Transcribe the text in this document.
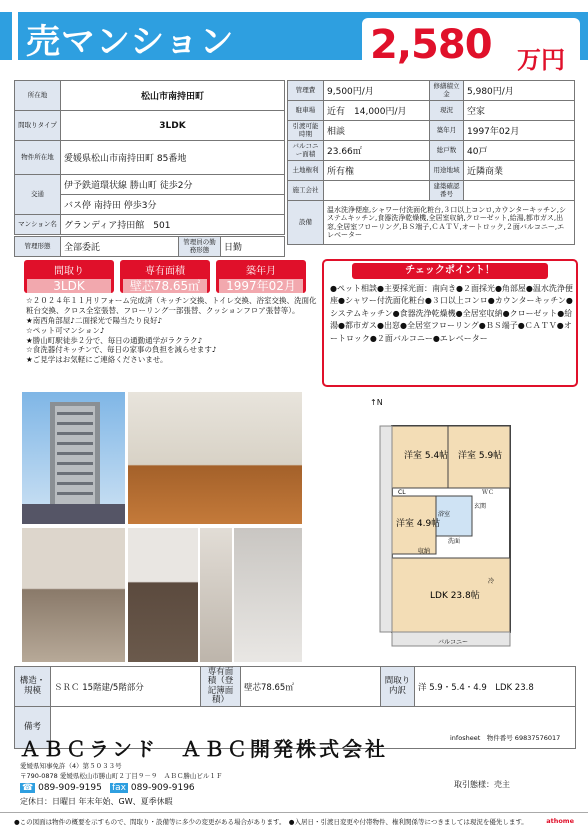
売マンション	2,580 万円
所在地	松山市南持田町
間取りタイプ	3LDK
物件所在地	愛媛県松山市南持田町 85番地
交通	伊予鉄道環状線 勝山町 徒歩2分
	バス停 南持田 停歩3分
マンション名	グランディア持田館　501
管理形態	全部委託	管理員の勤務形態	日勤
管理費	9,500円/月	修繕積立金	5,980円/月
駐車場	近有　14,000円/月	現況	空家
引渡可能時期	相談	築年月	1997年02月
バルコニー面積	23.66㎡	総戸数	40戸
土地権利	所有権	用途地域	近隣商業
施工会社		建築確認番号	
設備	温水洗浄便座,シャワー付洗面化粧台,３口以上コンロ,カウンターキッチン,システムキッチン,食器洗浄乾燥機,全居室収納,クローゼット,給湯,都市ガス,出窓,全居室フローリング,ＢＳ端子,ＣＡＴＶ,オートロック,２面バルコニー,エレベーター		
間取り
3LDK
専有面積
壁芯78.65㎡
築年月
1997年02月
☆２０２４年１１月リフォーム完成済（キッチン交換、トイレ交換、浴室交換、洗面化粧台交換、クロス全室張替、フローリング一部張替、クッションフロア張替等）。
★南西角部屋♪二面採光で陽当たり良好♪
☆ペット可マンション♪
★勝山町駅徒歩２分で、毎日の通勤通学がラクラク♪
☆食洗器付キッチンで、毎日の家事の負担を減らせます♪
★ご見学はお気軽にご連絡くださいませ。
チェックポイント！
●ペット相談●主要採光面：南向き●２面採光●角部屋●温水洗浄便座●シャワー付洗面化粧台●３口以上コンロ●カウンターキッチン●システムキッチン●食器洗浄乾燥機●全居室収納●クローゼット●給湯●都市ガス●出窓●全居室フローリング●ＢＳ端子●ＣＡＴＶ●オートロック●２面バルコニー●エレベーター
洋室 5.4帖 洋室 5.9帖
洋室 4.9帖
LDK 23.8帖
浴室
玄関
バルコニー
洗面
CL	ＷＣ
収納
冷
↑N
構造・規模	ＳＲＣ 15階建/5階部分	専有面積（登記簿面積）	壁芯78.65㎡	間取り内訳	洋 5.9・5.4・4.9　LDK 23.8
備考					
ＡＢＣランド　ＡＢＣ開発株式会社
愛媛県知事免許（4）第５０３３号
〒790-0878 愛媛県松山市勝山町２丁目９－９　ＡＢＣ勝山ビル１Ｆ
☎ 089-909-9195 fax 089-909-9196
定休日：日曜日 年末年始、GW、夏季休暇
infosheet　物件番号 69837576017
取引態様：売主
●この図面は物件の概要を示すもので、間取り・設備等に多少の変更がある場合があります。　●入居日・引渡日変更や付帯物件、権利関係等につきましては現況を優先します。	athome
